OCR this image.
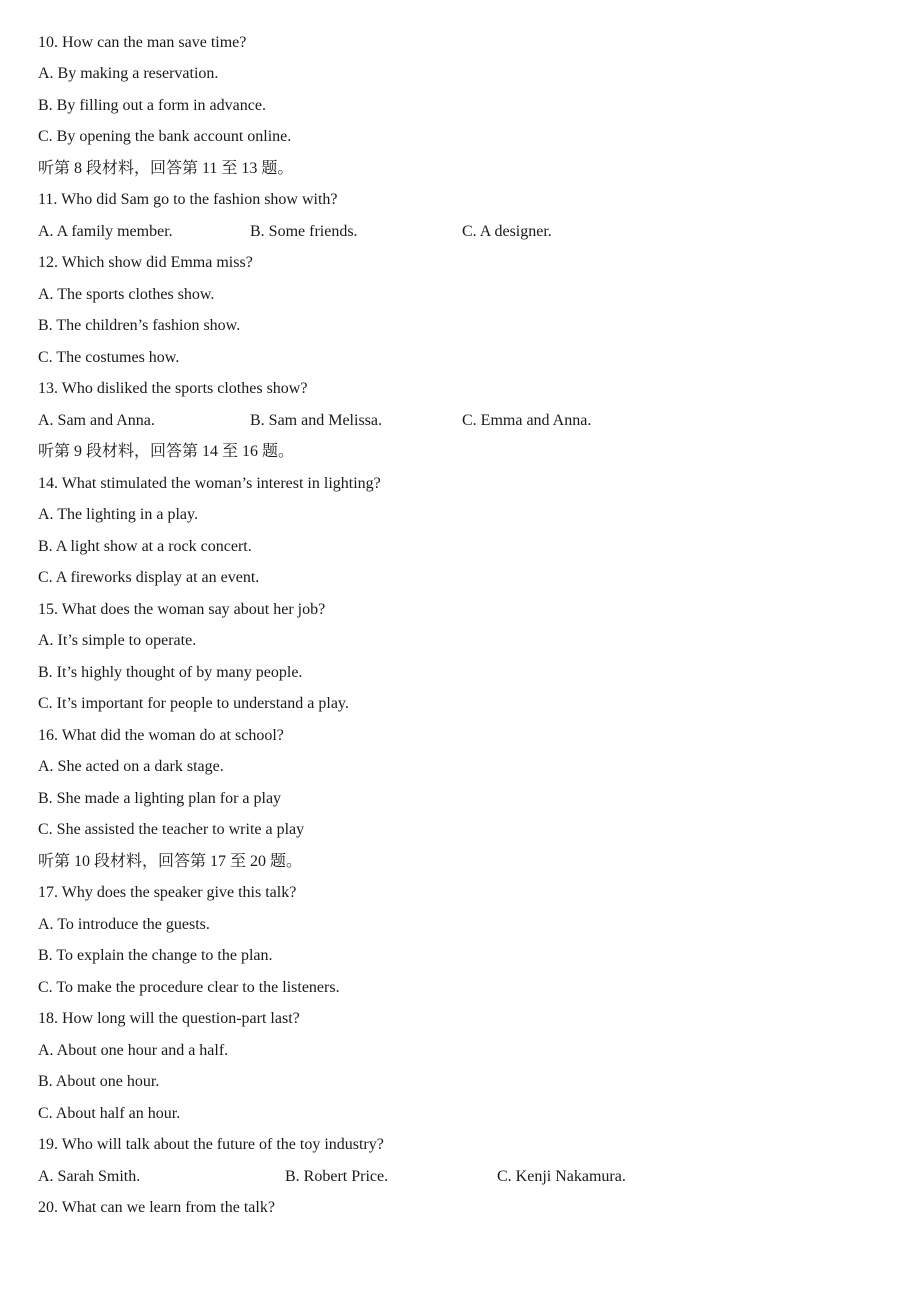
10. How can the man save time?
A. By making a reservation.
B. By filling out a form in advance.
C. By opening the bank account online.
听第 8 段材料，回答第 11 至 13 题。
11. Who did Sam go to the fashion show with?
A. A family member.	B. Some friends.	C. A designer.
12. Which show did Emma miss?
A. The sports clothes show.
B. The children’s fashion show.
C. The costumes how.
13. Who disliked the sports clothes show?
A. Sam and Anna.	B. Sam and Melissa.	C. Emma and Anna.
听第 9 段材料，回答第 14 至 16 题。
14. What stimulated the woman’s interest in lighting?
A. The lighting in a play.
B. A light show at a rock concert.
C. A fireworks display at an event.
15. What does the woman say about her job?
A. It’s simple to operate.
B. It’s highly thought of by many people.
C. It’s important for people to understand a play.
16. What did the woman do at school?
A. She acted on a dark stage.
B. She made a lighting plan for a play
C. She assisted the teacher to write a play
听第 10 段材料，回答第 17 至 20 题。
17. Why does the speaker give this talk?
A. To introduce the guests.
B. To explain the change to the plan.
C. To make the procedure clear to the listeners.
18. How long will the question-part last?
A. About one hour and a half.
B. About one hour.
C. About half an hour.
19. Who will talk about the future of the toy industry?
A. Sarah Smith.	B. Robert Price.	C. Kenji Nakamura.
20. What can we learn from the talk?
